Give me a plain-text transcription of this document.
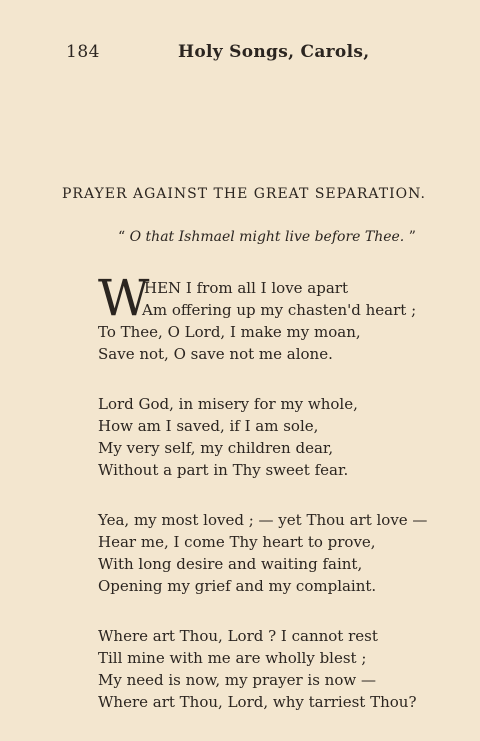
184	Holy Songs, Carols,
PRAYER AGAINST THE GREAT SEPARATION.
“ O that Ishmael might live before Thee. ”
W
HEN I from all I love apart
Am offering up my chasten'd heart ;
To Thee, O Lord, I make my moan,
Save not, O save not me alone.
Lord God, in misery for my whole,
How am I saved, if I am sole,
My very self, my children dear,
Without a part in Thy sweet fear.
Yea, my most loved ; — yet Thou art love —
Hear me, I come Thy heart to prove,
With long desire and waiting faint,
Opening my grief and my complaint.
Where art Thou, Lord ? I cannot rest
Till mine with me are wholly blest ;
My need is now, my prayer is now —
Where art Thou, Lord, why tarriest Thou?
